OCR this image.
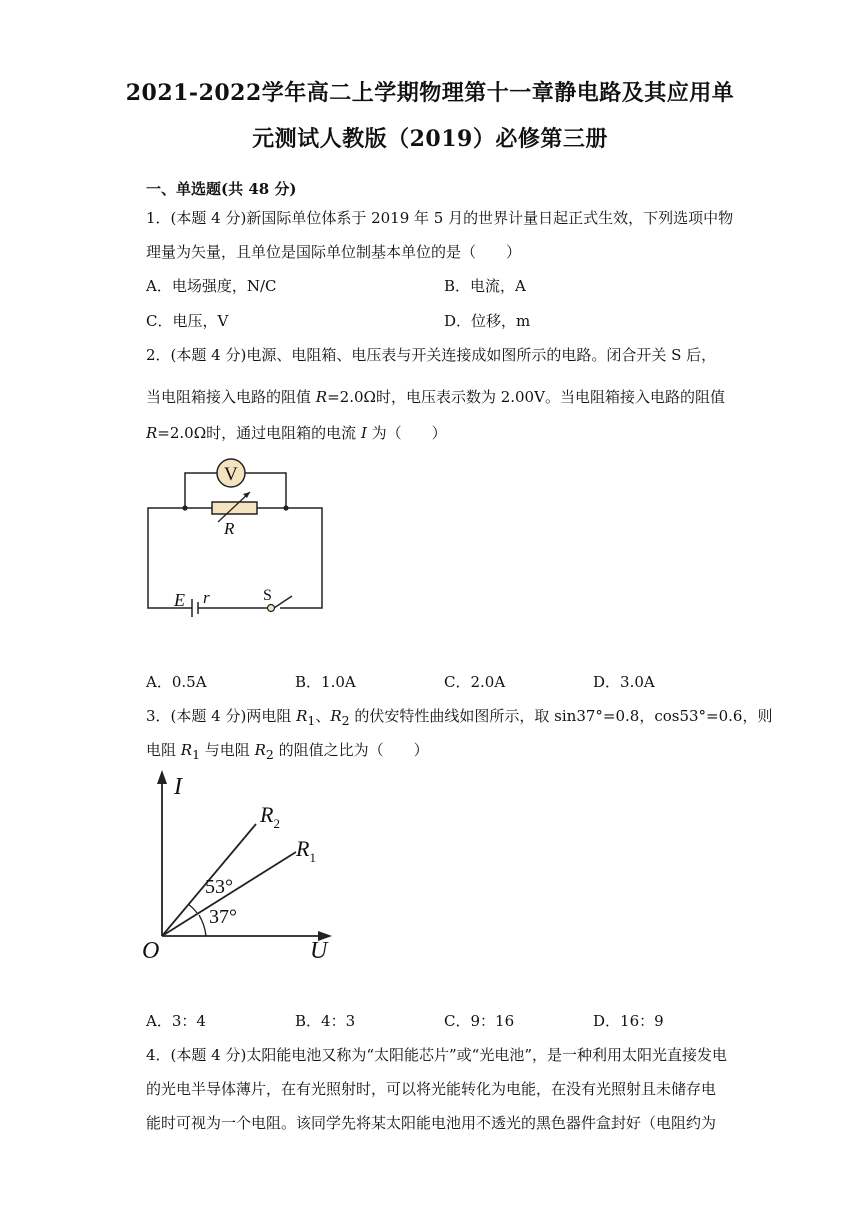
2021-2022学年高二上学期物理第十一章静电路及其应用单
元测试人教版（2019）必修第三册
一、单选题(共 48 分)
1．(本题 4 分)新国际单位体系于 2019 年 5 月的世界计量日起正式生效，下列选项中物
理量为矢量，且单位是国际单位制基本单位的是（　　）
A．电场强度，N/C	B．电流，A
C．电压，V	D．位移，m
2．(本题 4 分)电源、电阻箱、电压表与开关连接成如图所示的电路。闭合开关 S 后，
当电阻箱接入电路的阻值 R=2.0Ω时，电压表示数为 2.00V。当电阻箱接入电路的阻值
R=2.0Ω时，通过电阻箱的电流 I 为（　　）
V
R
E r	S
A．0.5A	B．1.0A	C．2.0A	D．3.0A
3．(本题 4 分)两电阻 $R_1$、$R_2$ 的伏安特性曲线如图所示，取 sin37°=0.8，cos53°=0.6，则
电阻 $R_1$ 与电阻 $R_2$ 的阻值之比为（　　）
I
U
O
$R_2$
$R_1$
53°
37°
A．3：4	B．4：3	C．9：16	D．16：9
4．(本题 4 分)太阳能电池又称为“太阳能芯片”或“光电池”，是一种利用太阳光直接发电
的光电半导体薄片，在有光照射时，可以将光能转化为电能，在没有光照射且未储存电
能时可视为一个电阻。该同学先将某太阳能电池用不透光的黑色器件盒封好（电阻约为
